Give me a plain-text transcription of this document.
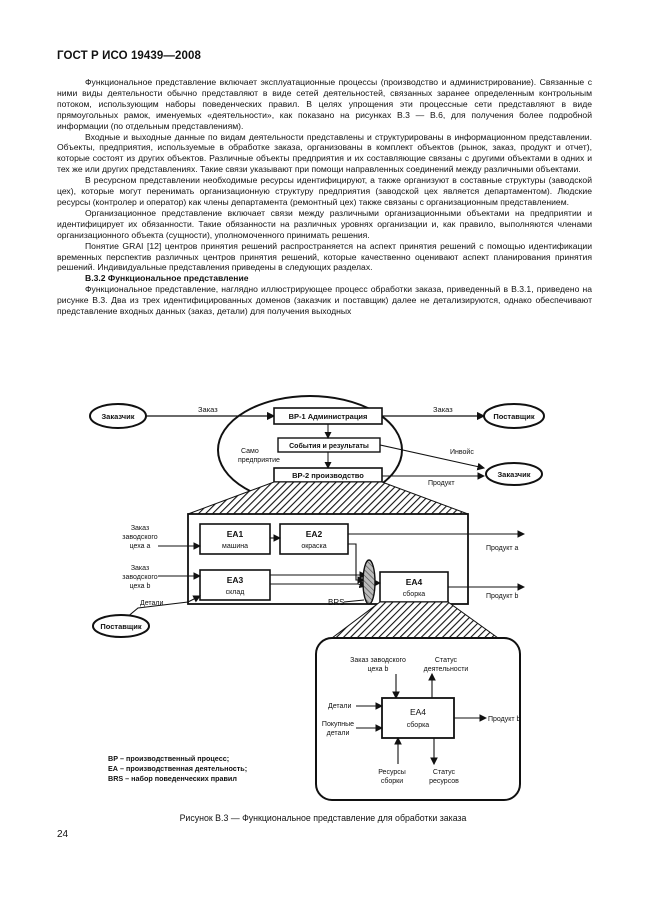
ГОСТ Р ИСО 19439—2008

Функциональное представление включает эксплуатационные процессы (производство и администрирование). Связанные с ними виды деятельности обычно представляют в виде сетей деятельностей, связанных заранее определенным контрольным потоком, использующим наборы поведенческих правил. В целях упрощения эти процессные сети представляют в виде прямоугольных рамок, именуемых «деятельности», как показано на рисунках В.3 — В.6, для получения более подробной информации (по отдельным представлениям).

Входные и выходные данные по видам деятельности представлены и структурированы в информационном представлении. Объекты, предприятия, используемые в обработке заказа, организованы в комплект объектов (рынок, заказ, продукт и отчет), которые состоят из других объектов. Различные объекты предприятия и их составляющие связаны с другими объектами в одних и тех же или других представлениях. Такие связи указывают при помощи направленных соединений между различными объектами.

В ресурсном представлении необходимые ресурсы идентифицируют, а также организуют в составные структуры (заводской цех), которые могут перенимать организационную структуру предприятия (заводской цех является департаментом). Людские ресурсы (контролер и оператор) как члены департамента (ремонтный цех) также связаны с организационным представлением.

Организационное представление включает связи между различными организационными объектами на предприятии и идентифицирует их обязанности. Такие обязанности на различных уровнях организации и, как правило, выполняются членами организационного объекта (сущности), уполномоченного принимать решения.

Понятие GRAI [12] центров принятия решений распространяется на аспект принятия решений с помощью идентификации временных перспектив различных центров принятия решений, которые качественно оценивают аспект планирования принятия решений. Индивидуальные представления приведены в следующих разделах.

В.3.2 Функциональное представление

Функциональное представление, наглядно иллюстрирующее процесс обработки заказа, приведенный в В.3.1, приведено на рисунке В.3. Два из трех идентифицированных доменов (заказчик и поставщик) далее не детализируются, однако обеспечивают представление входных данных (заказ, детали) для получения выходных

Заказчик
Заказ
ВР-1 Администрация
Заказ
Поставщик
События и результаты
Само
предприятие
ВР-2 производство
Инвойс
Продукт
Заказчик
ЕА1
машина
ЕА2
окраска
ЕА3
склад
ЕА4
сборка
Заказ
заводского
цеха а
Заказ
заводского
цеха b
Детали
Поставщик
BRS
Продукт а
Продукт b
Заказ заводского
цеха b
Статус
деятельности
ЕА4
сборка
Детали
Покупные
детали
Продукт b
Ресурсы
сборки
Статус
ресурсов
ВР – производственный процесс;
ЕА – производственная деятельность;
BRS – набор поведенческих правил
Рисунок В.3 — Функциональное представление для обработки заказа
24
